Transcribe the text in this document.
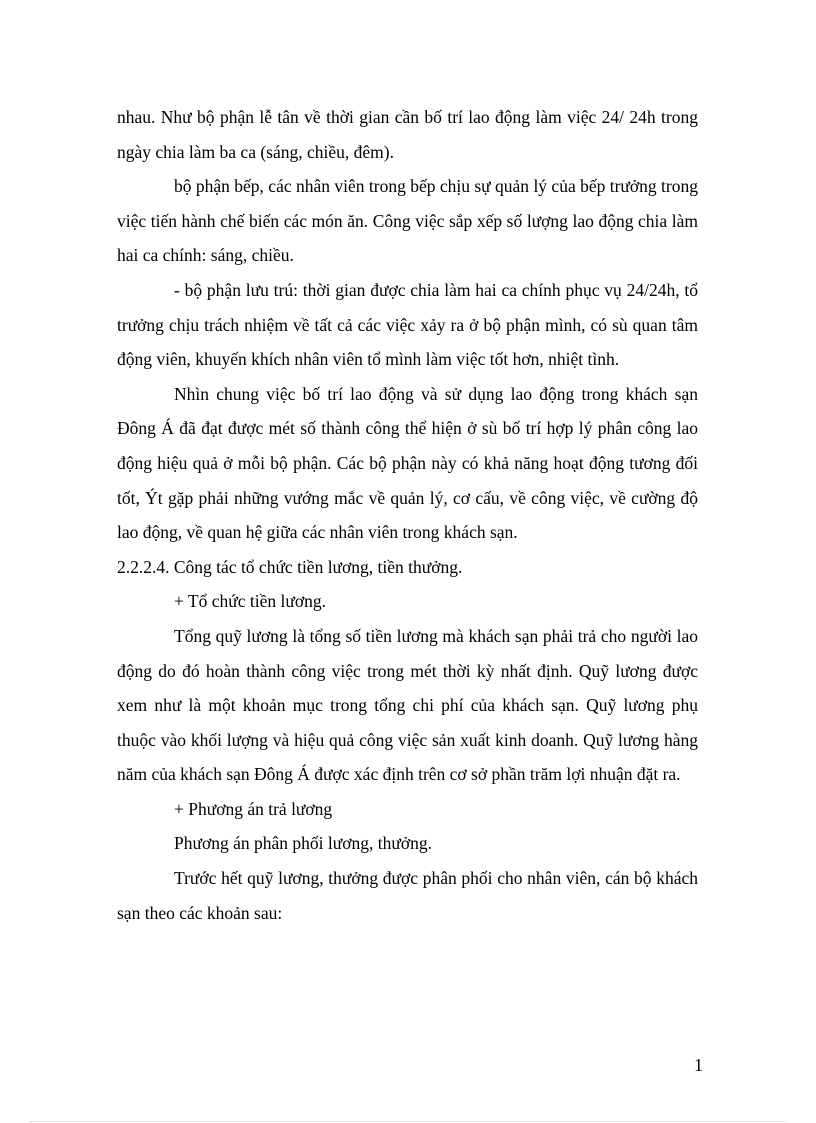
nhau. Như bộ phận lễ tân về thời gian cần bố trí lao động làm việc 24/ 24h trong ngày chia làm ba ca (sáng, chiều, đêm).

bộ phận bếp, các nhân viên trong bếp chịu sự quản lý của bếp trưởng trong việc tiến hành chế biến các món ăn. Công việc sắp xếp số lượng lao động chia làm hai ca chính: sáng, chiều.

- bộ phận lưu trú: thời gian được chia làm hai ca chính phục vụ 24/24h, tổ trưởng chịu trách nhiệm về tất cả các việc xảy ra ở bộ phận mình, có sù quan tâm động viên, khuyến khích nhân viên tổ mình làm việc tốt hơn, nhiệt tình.

Nhìn chung việc bố trí lao động và sử dụng lao động trong khách sạn Đông Á đã đạt được mét số thành công thể hiện ở sù bố trí hợp lý phân công lao động hiệu quả ở mỗi bộ phận. Các bộ phận này có khả năng hoạt động tương đối tốt, Ýt gặp phải những vướng mắc về quản lý, cơ cấu, về công việc, về cường độ lao động, về quan hệ giữa các nhân viên trong khách sạn.

2.2.2.4. Công tác tổ chức tiền lương, tiền thưởng.

+ Tổ chức tiền lương.

Tổng quỹ lương là tổng số tiền lương mà khách sạn phải trả cho người lao động do đó hoàn thành công việc trong mét thời kỳ nhất định. Quỹ lương được xem như là một khoản mục trong tổng chi phí của khách sạn. Quỹ lương phụ thuộc vào khối lượng và hiệu quả công việc sản xuất kinh doanh. Quỹ lương hàng năm của khách sạn Đông Á được xác định trên cơ sở phần trăm lợi nhuận đặt ra.

+ Phương án trả lương

Phương án phân phối lương, thưởng.

Trước hết quỹ lương, thưởng được phân phối cho nhân viên, cán bộ khách sạn theo các khoản sau:

1
